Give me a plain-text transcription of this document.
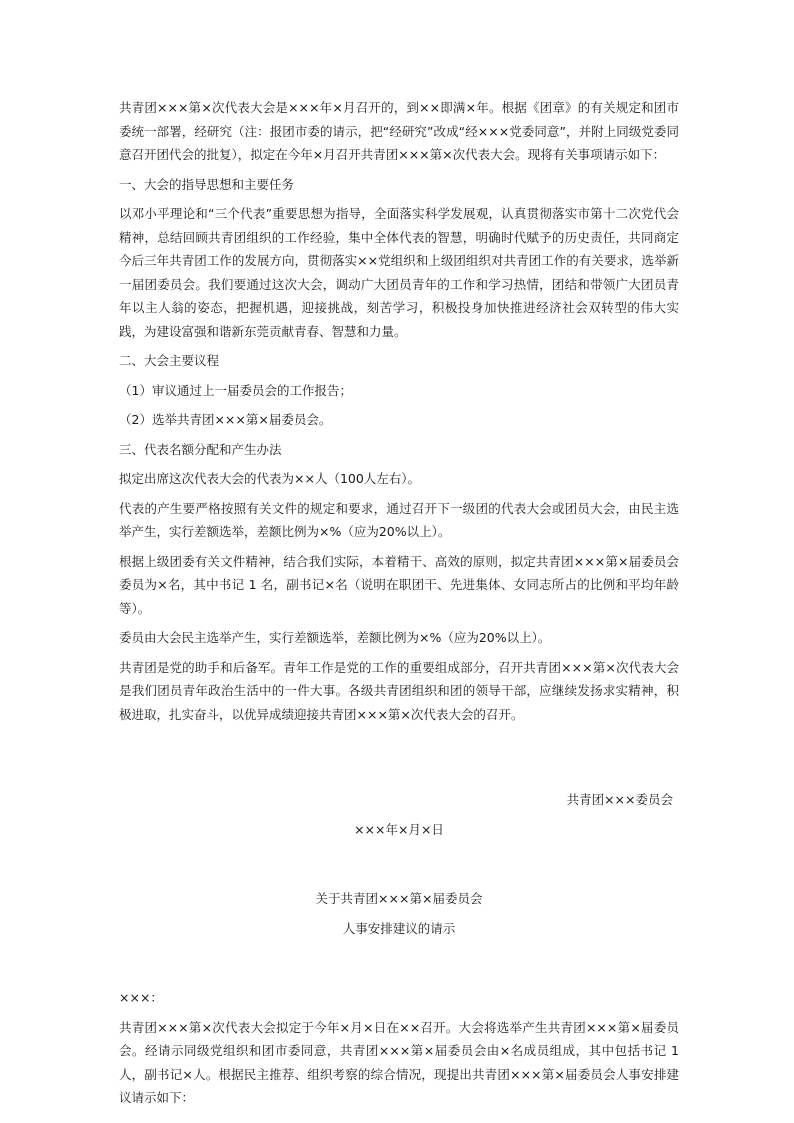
共青团×××第×次代表大会是×××年×月召开的，到××即满×年。根据《团章》的有关规定和团市委统一部署，经研究（注：报团市委的请示，把“经研究”改成“经×××党委同意”，并附上同级党委同意召开团代会的批复），拟定在今年×月召开共青团×××第×次代表大会。现将有关事项请示如下：

一、大会的指导思想和主要任务

以邓小平理论和“三个代表”重要思想为指导，全面落实科学发展观，认真贯彻落实市第十二次党代会精神，总结回顾共青团组织的工作经验，集中全体代表的智慧，明确时代赋予的历史责任，共同商定今后三年共青团工作的发展方向，贯彻落实××党组织和上级团组织对共青团工作的有关要求，选举新一届团委员会。我们要通过这次大会，调动广大团员青年的工作和学习热情，团结和带领广大团员青年以主人翁的姿态，把握机遇，迎接挑战，刻苦学习，积极投身加快推进经济社会双转型的伟大实践，为建设富强和谐新东莞贡献青春、智慧和力量。

二、大会主要议程

（1）审议通过上一届委员会的工作报告；

（2）选举共青团×××第×届委员会。

三、代表名额分配和产生办法

拟定出席这次代表大会的代表为××人（100人左右）。

代表的产生要严格按照有关文件的规定和要求，通过召开下一级团的代表大会或团员大会，由民主选举产生，实行差额选举，差额比例为×%（应为20%以上）。

根据上级团委有关文件精神，结合我们实际，本着精干、高效的原则，拟定共青团×××第×届委员会委员为×名，其中书记 1 名，副书记×名（说明在职团干、先进集体、女同志所占的比例和平均年龄等）。

委员由大会民主选举产生，实行差额选举，差额比例为×%（应为20%以上）。

共青团是党的助手和后备军。青年工作是党的工作的重要组成部分，召开共青团×××第×次代表大会是我们团员青年政治生活中的一件大事。各级共青团组织和团的领导干部，应继续发扬求实精神，积极进取，扎实奋斗，以优异成绩迎接共青团×××第×次代表大会的召开。

共青团×××委员会

×××年×月×日

关于共青团×××第×届委员会

人事安排建议的请示

×××：

共青团×××第×次代表大会拟定于今年×月×日在××召开。大会将选举产生共青团×××第×届委员会。经请示同级党组织和团市委同意，共青团×××第×届委员会由×名成员组成，其中包括书记 1 人，副书记×人。根据民主推荐、组织考察的综合情况，现提出共青团×××第×届委员会人事安排建议请示如下：
